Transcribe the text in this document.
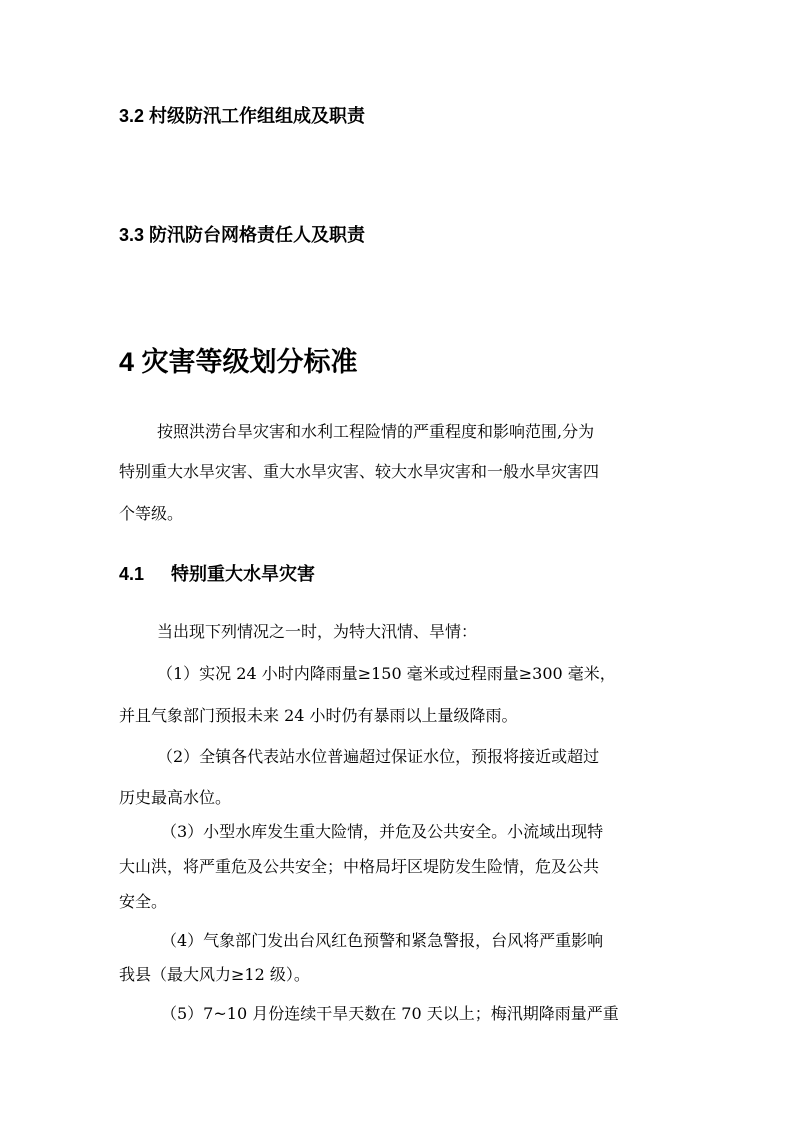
3.2 村级防汛工作组组成及职责
3.3 防汛防台网格责任人及职责
4 灾害等级划分标准

按照洪涝台旱灾害和水利工程险情的严重程度和影响范围,分为

特别重大水旱灾害、重大水旱灾害、较大水旱灾害和一般水旱灾害四

个等级。

4.1 特别重大水旱灾害

当出现下列情况之一时，为特大汛情、旱情：

（1）实况 24 小时内降雨量≥150 毫米或过程雨量≥300 毫米，

并且气象部门预报未来 24 小时仍有暴雨以上量级降雨。

（2）全镇各代表站水位普遍超过保证水位，预报将接近或超过

历史最高水位。

（3）小型水库发生重大险情，并危及公共安全。小流域出现特

大山洪，将严重危及公共安全；中格局圩区堤防发生险情，危及公共

安全。

（4）气象部门发出台风红色预警和紧急警报，台风将严重影响

我县（最大风力≥12 级）。

（5）7~10 月份连续干旱天数在 70 天以上；梅汛期降雨量严重
